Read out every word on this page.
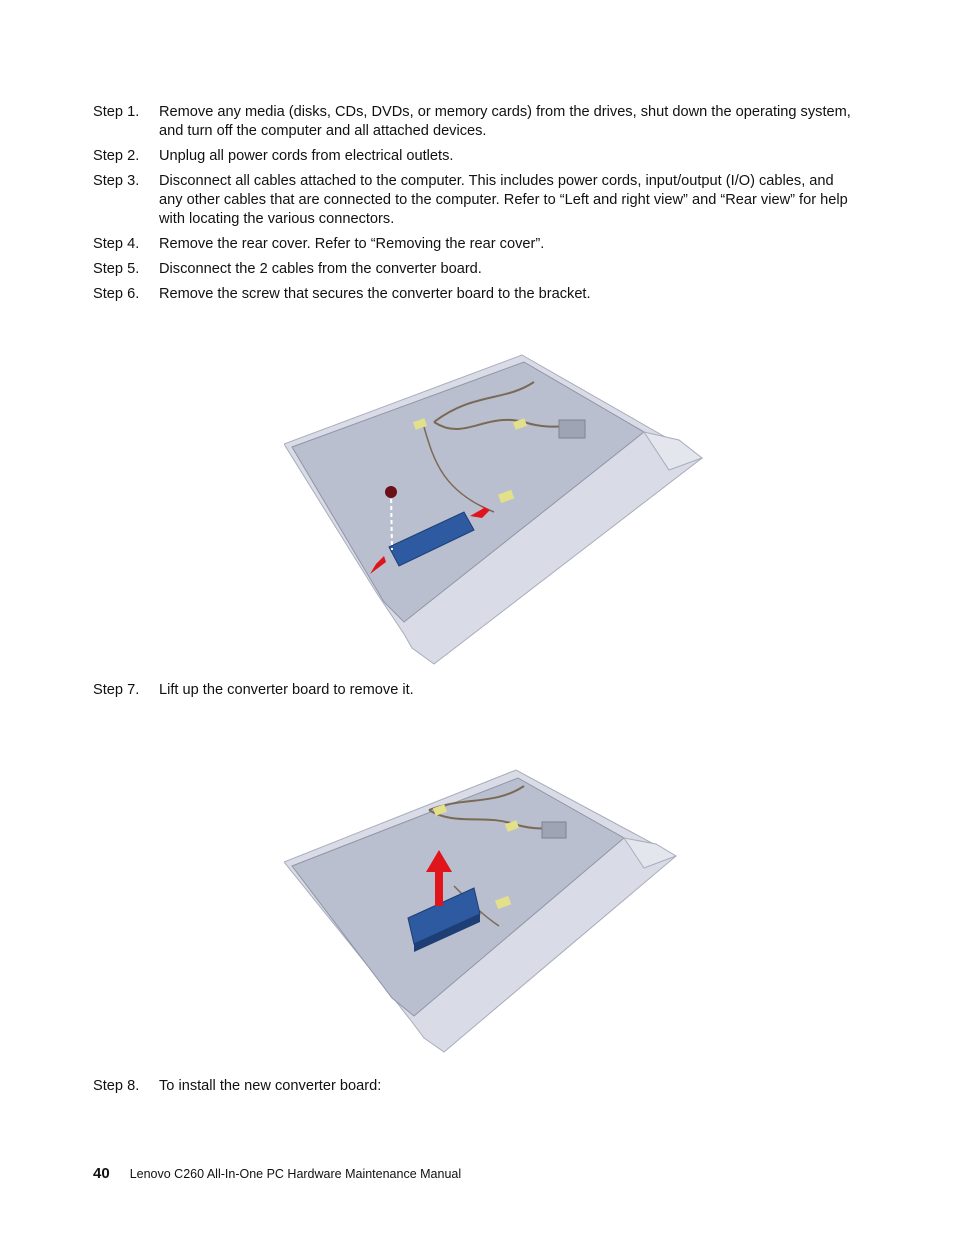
Step 1.	Remove any media (disks, CDs, DVDs, or memory cards) from the drives, shut down the operating system, and turn off the computer and all attached devices.
Step 2.	Unplug all power cords from electrical outlets.
Step 3.	Disconnect all cables attached to the computer. This includes power cords, input/output (I/O) cables, and any other cables that are connected to the computer. Refer to “Left and right view” and “Rear view” for help with locating the various connectors.
Step 4.	Remove the rear cover. Refer to “Removing the rear cover”.
Step 5.	Disconnect the 2 cables from the converter board.
Step 6.	Remove the screw that secures the converter board to the bracket.
Step 7.	Lift up the converter board to remove it.
Step 8.	To install the new converter board:
40 Lenovo C260 All-In-One PC Hardware Maintenance Manual
